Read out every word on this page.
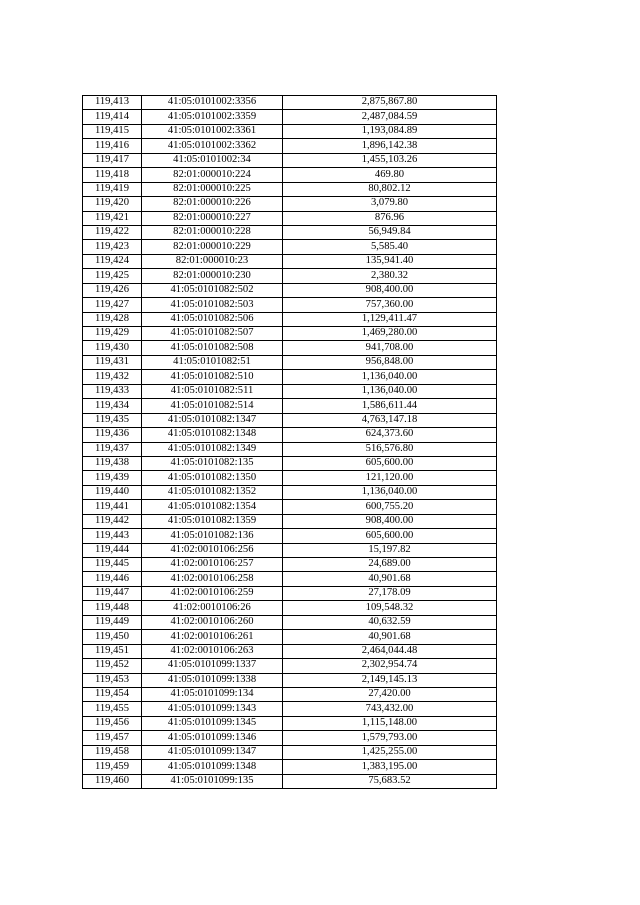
119,413	41:05:0101002:3356	2,875,867.80
119,414	41:05:0101002:3359	2,487,084.59
119,415	41:05:0101002:3361	1,193,084.89
119,416	41:05:0101002:3362	1,896,142.38
119,417	41:05:0101002:34	1,455,103.26
119,418	82:01:000010:224	469.80
119,419	82:01:000010:225	80,802.12
119,420	82:01:000010:226	3,079.80
119,421	82:01:000010:227	876.96
119,422	82:01:000010:228	56,949.84
119,423	82:01:000010:229	5,585.40
119,424	82:01:000010:23	135,941.40
119,425	82:01:000010:230	2,380.32
119,426	41:05:0101082:502	908,400.00
119,427	41:05:0101082:503	757,360.00
119,428	41:05:0101082:506	1,129,411.47
119,429	41:05:0101082:507	1,469,280.00
119,430	41:05:0101082:508	941,708.00
119,431	41:05:0101082:51	956,848.00
119,432	41:05:0101082:510	1,136,040.00
119,433	41:05:0101082:511	1,136,040.00
119,434	41:05:0101082:514	1,586,611.44
119,435	41:05:0101082:1347	4,763,147.18
119,436	41:05:0101082:1348	624,373.60
119,437	41:05:0101082:1349	516,576.80
119,438	41:05:0101082:135	605,600.00
119,439	41:05:0101082:1350	121,120.00
119,440	41:05:0101082:1352	1,136,040.00
119,441	41:05:0101082:1354	600,755.20
119,442	41:05:0101082:1359	908,400.00
119,443	41:05:0101082:136	605,600.00
119,444	41:02:0010106:256	15,197.82
119,445	41:02:0010106:257	24,689.00
119,446	41:02:0010106:258	40,901.68
119,447	41:02:0010106:259	27,178.09
119,448	41:02:0010106:26	109,548.32
119,449	41:02:0010106:260	40,632.59
119,450	41:02:0010106:261	40,901.68
119,451	41:02:0010106:263	2,464,044.48
119,452	41:05:0101099:1337	2,302,954.74
119,453	41:05:0101099:1338	2,149,145.13
119,454	41:05:0101099:134	27,420.00
119,455	41:05:0101099:1343	743,432.00
119,456	41:05:0101099:1345	1,115,148.00
119,457	41:05:0101099:1346	1,579,793.00
119,458	41:05:0101099:1347	1,425,255.00
119,459	41:05:0101099:1348	1,383,195.00
119,460	41:05:0101099:135	75,683.52
